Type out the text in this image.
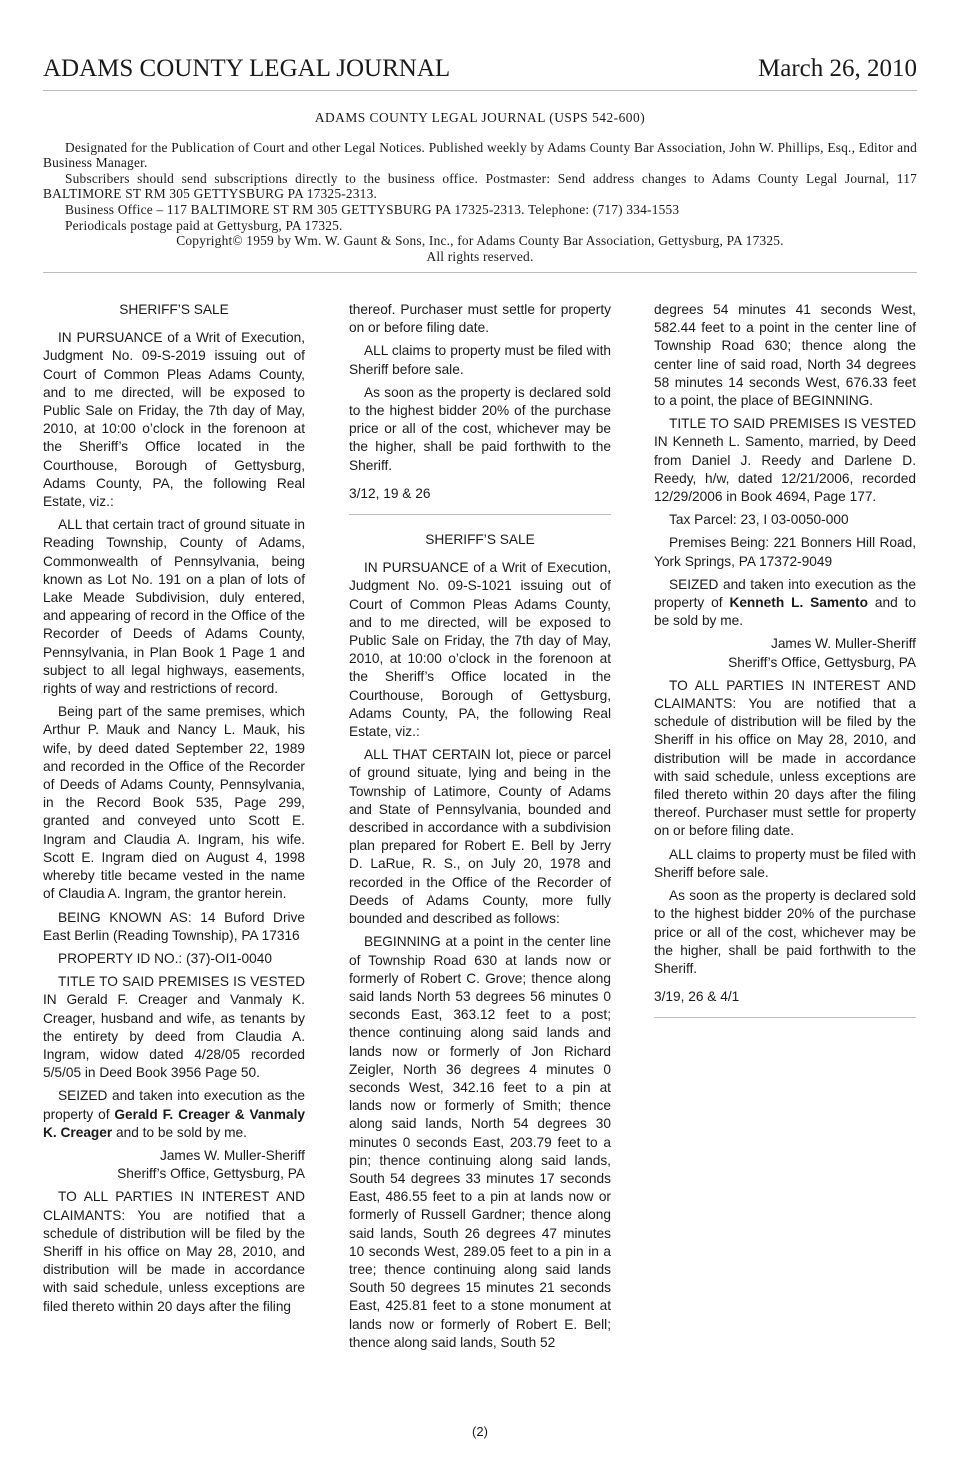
ADAMS COUNTY LEGAL JOURNAL	March 26, 2010

ADAMS COUNTY LEGAL JOURNAL (USPS 542-600)

Designated for the Publication of Court and other Legal Notices. Published weekly by Adams County Bar Association, John W. Phillips, Esq., Editor and Business Manager.

Subscribers should send subscriptions directly to the business office. Postmaster: Send address changes to Adams County Legal Journal, 117 BALTIMORE ST RM 305 GETTYSBURG PA 17325-2313.

Business Office – 117 BALTIMORE ST RM 305 GETTYSBURG PA 17325-2313. Telephone: (717) 334-1553

Periodicals postage paid at Gettysburg, PA 17325.

Copyright© 1959 by Wm. W. Gaunt & Sons, Inc., for Adams County Bar Association, Gettysburg, PA 17325.

All rights reserved.

SHERIFF’S SALE

IN PURSUANCE of a Writ of Execution, Judgment No. 09-S-2019 issuing out of Court of Common Pleas Adams County, and to me directed, will be exposed to Public Sale on Friday, the 7th day of May, 2010, at 10:00 o’clock in the forenoon at the Sheriff’s Office located in the Courthouse, Borough of Gettysburg, Adams County, PA, the following Real Estate, viz.:

ALL that certain tract of ground situate in Reading Township, County of Adams, Commonwealth of Pennsylvania, being known as Lot No. 191 on a plan of lots of Lake Meade Subdivision, duly entered, and appearing of record in the Office of the Recorder of Deeds of Adams County, Pennsylvania, in Plan Book 1 Page 1 and subject to all legal highways, easements, rights of way and restrictions of record.

Being part of the same premises, which Arthur P. Mauk and Nancy L. Mauk, his wife, by deed dated September 22, 1989 and recorded in the Office of the Recorder of Deeds of Adams County, Pennsylvania, in the Record Book 535, Page 299, granted and conveyed unto Scott E. Ingram and Claudia A. Ingram, his wife. Scott E. Ingram died on August 4, 1998 whereby title became vested in the name of Claudia A. Ingram, the grantor herein.

BEING KNOWN AS: 14 Buford Drive East Berlin (Reading Township), PA 17316

PROPERTY ID NO.: (37)-OI1-0040

TITLE TO SAID PREMISES IS VESTED IN Gerald F. Creager and Vanmaly K. Creager, husband and wife, as tenants by the entirety by deed from Claudia A. Ingram, widow dated 4/28/05 recorded 5/5/05 in Deed Book 3956 Page 50.

SEIZED and taken into execution as the property of Gerald F. Creager & Vanmaly K. Creager and to be sold by me.

James W. Muller-Sheriff

Sheriff’s Office, Gettysburg, PA

TO ALL PARTIES IN INTEREST AND CLAIMANTS: You are notified that a schedule of distribution will be filed by the Sheriff in his office on May 28, 2010, and distribution will be made in accordance with said schedule, unless exceptions are filed thereto within 20 days after the filing

thereof. Purchaser must settle for property on or before filing date.

ALL claims to property must be filed with Sheriff before sale.

As soon as the property is declared sold to the highest bidder 20% of the purchase price or all of the cost, whichever may be the higher, shall be paid forthwith to the Sheriff.

3/12, 19 & 26

SHERIFF’S SALE

IN PURSUANCE of a Writ of Execution, Judgment No. 09-S-1021 issuing out of Court of Common Pleas Adams County, and to me directed, will be exposed to Public Sale on Friday, the 7th day of May, 2010, at 10:00 o’clock in the forenoon at the Sheriff’s Office located in the Courthouse, Borough of Gettysburg, Adams County, PA, the following Real Estate, viz.:

ALL THAT CERTAIN lot, piece or parcel of ground situate, lying and being in the Township of Latimore, County of Adams and State of Pennsylvania, bounded and described in accordance with a subdivision plan prepared for Robert E. Bell by Jerry D. LaRue, R. S., on July 20, 1978 and recorded in the Office of the Recorder of Deeds of Adams County, more fully bounded and described as follows:

BEGINNING at a point in the center line of Township Road 630 at lands now or formerly of Robert C. Grove; thence along said lands North 53 degrees 56 minutes 0 seconds East, 363.12 feet to a post; thence continuing along said lands and lands now or formerly of Jon Richard Zeigler, North 36 degrees 4 minutes 0 seconds West, 342.16 feet to a pin at lands now or formerly of Smith; thence along said lands, North 54 degrees 30 minutes 0 seconds East, 203.79 feet to a pin; thence continuing along said lands, South 54 degrees 33 minutes 17 seconds East, 486.55 feet to a pin at lands now or formerly of Russell Gardner; thence along said lands, South 26 degrees 47 minutes 10 seconds West, 289.05 feet to a pin in a tree; thence continuing along said lands South 50 degrees 15 minutes 21 seconds East, 425.81 feet to a stone monument at lands now or formerly of Robert E. Bell; thence along said lands, South 52

degrees 54 minutes 41 seconds West, 582.44 feet to a point in the center line of Township Road 630; thence along the center line of said road, North 34 degrees 58 minutes 14 seconds West, 676.33 feet to a point, the place of BEGINNING.

TITLE TO SAID PREMISES IS VESTED IN Kenneth L. Samento, married, by Deed from Daniel J. Reedy and Darlene D. Reedy, h/w, dated 12/21/2006, recorded 12/29/2006 in Book 4694, Page 177.

Tax Parcel: 23, I 03-0050-000

Premises Being: 221 Bonners Hill Road, York Springs, PA 17372-9049

SEIZED and taken into execution as the property of Kenneth L. Samento and to be sold by me.

James W. Muller-Sheriff

Sheriff’s Office, Gettysburg, PA

TO ALL PARTIES IN INTEREST AND CLAIMANTS: You are notified that a schedule of distribution will be filed by the Sheriff in his office on May 28, 2010, and distribution will be made in accordance with said schedule, unless exceptions are filed thereto within 20 days after the filing thereof. Purchaser must settle for property on or before filing date.

ALL claims to property must be filed with Sheriff before sale.

As soon as the property is declared sold to the highest bidder 20% of the purchase price or all of the cost, whichever may be the higher, shall be paid forthwith to the Sheriff.

3/19, 26 & 4/1

(2)
